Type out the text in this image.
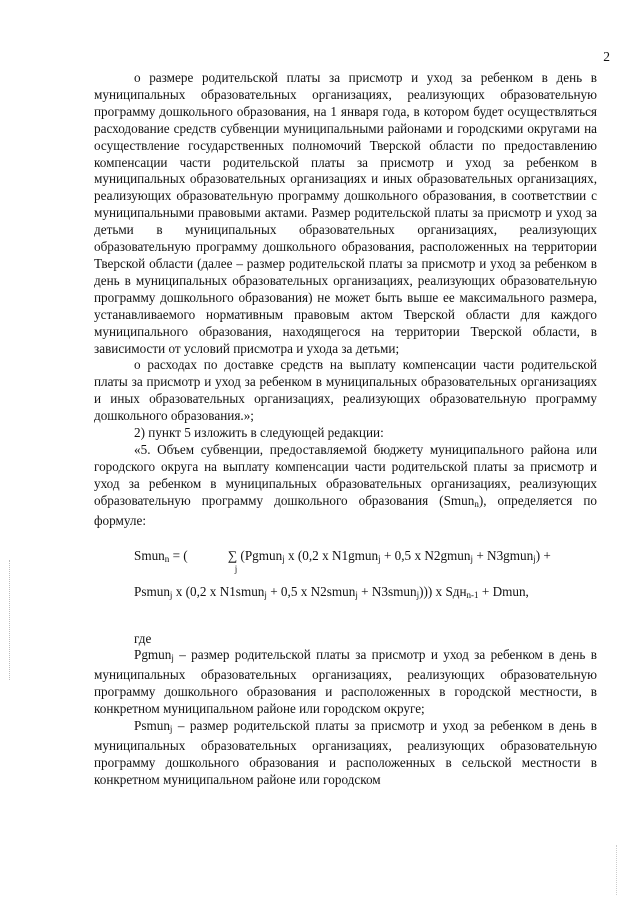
2

о размере родительской платы за присмотр и уход за ребенком в день в муниципальных образовательных организациях, реализующих образовательную программу дошкольного образования, на 1 января года, в котором будет осуществляться расходование средств субвенции муниципальными районами и городскими округами на осуществление государственных полномочий Тверской области по предоставлению компенсации части родительской платы за присмотр и уход за ребенком в муниципальных образовательных организациях и иных образовательных организациях, реализующих образовательную программу дошкольного образования, в соответствии с муниципальными правовыми актами. Размер родительской платы за присмотр и уход за детьми в муниципальных образовательных организациях, реализующих образовательную программу дошкольного образования, расположенных на территории Тверской области (далее – размер родительской платы за присмотр и уход за ребенком в день в муниципальных образовательных организациях, реализующих образовательную программу дошкольного образования) не может быть выше ее максимального размера, устанавливаемого нормативным правовым актом Тверской области для каждого муниципального образования, находящегося на территории Тверской области, в зависимости от условий присмотра и ухода за детьми;

о расходах по доставке средств на выплату компенсации части родительской платы за присмотр и уход за ребенком в муниципальных образовательных организациях и иных образовательных организациях, реализующих образовательную программу дошкольного образования.»;

2) пункт 5 изложить в следующей редакции:

«5. Объем субвенции, предоставляемой бюджету муниципального района или городского округа на выплату компенсации части родительской платы за присмотр и уход за ребенком в муниципальных образовательных организациях, реализующих образовательную программу дошкольного образования (Smun$_n$), определяется по формуле:

Smun$_n$ = (	∑
j
(Pgmun$_j$ x (0,2 x N1gmun$_j$ + 0,5 x N2gmun$_j$ + N3gmun$_j$) +

Psmun$_j$ x (0,2 x N1smun$_j$ + 0,5 x N2smun$_j$ + N3smun$_j$))) x Sдн$_{n-1}$ + Dmun,

где

Pgmun$_j$ – размер родительской платы за присмотр и уход за ребенком в день в муниципальных образовательных организациях, реализующих образовательную программу дошкольного образования и расположенных в городской местности, в конкретном муниципальном районе или городском округе;

Psmun$_j$ – размер родительской платы за присмотр и уход за ребенком в день в муниципальных образовательных организациях, реализующих образовательную программу дошкольного образования и расположенных в сельской местности в конкретном муниципальном районе или городском
